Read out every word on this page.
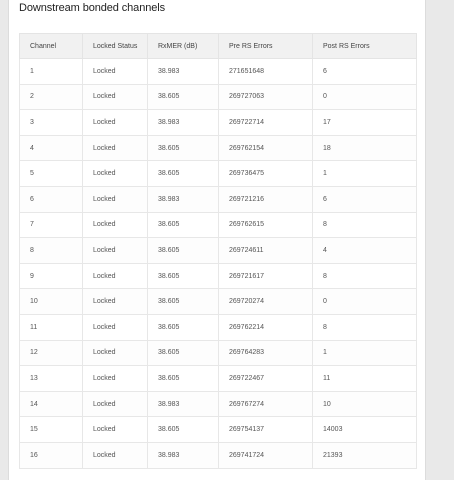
Downstream bonded channels
Channel	Locked Status	RxMER (dB)	Pre RS Errors	Post RS Errors
1	Locked	38.983	271651648	6
2	Locked	38.605	269727063	0
3	Locked	38.983	269722714	17
4	Locked	38.605	269762154	18
5	Locked	38.605	269736475	1
6	Locked	38.983	269721216	6
7	Locked	38.605	269762615	8
8	Locked	38.605	269724611	4
9	Locked	38.605	269721617	8
10	Locked	38.605	269720274	0
11	Locked	38.605	269762214	8
12	Locked	38.605	269764283	1
13	Locked	38.605	269722467	11
14	Locked	38.983	269767274	10
15	Locked	38.605	269754137	14003
16	Locked	38.983	269741724	21393
